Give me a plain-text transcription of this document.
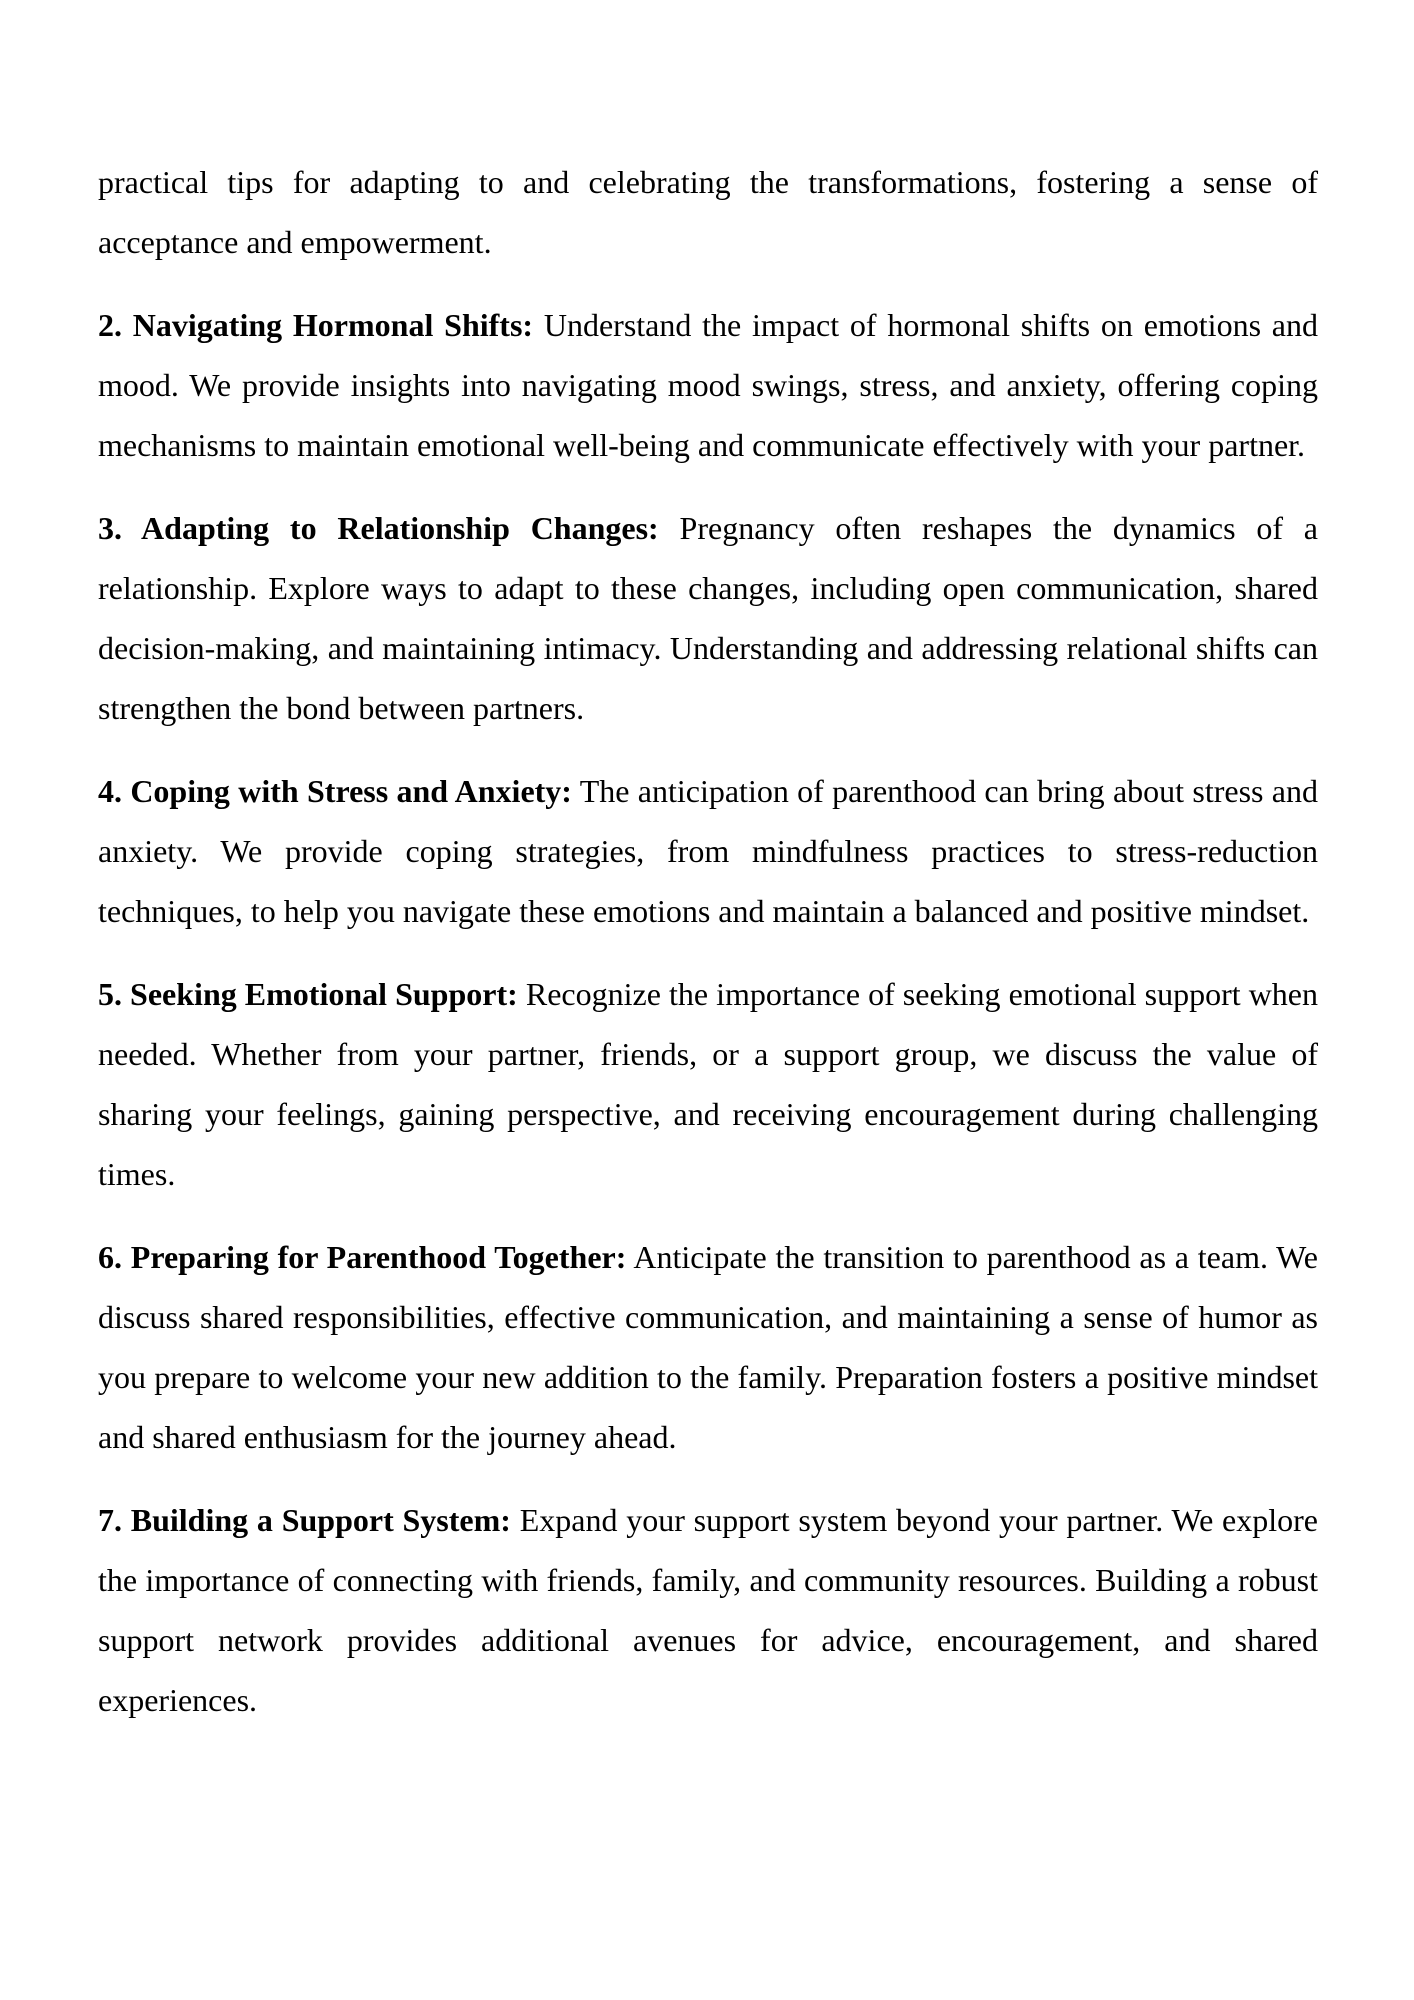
practical tips for adapting to and celebrating the transformations, fostering a sense of acceptance and empowerment.

2. Navigating Hormonal Shifts: Understand the impact of hormonal shifts on emotions and mood. We provide insights into navigating mood swings, stress, and anxiety, offering coping mechanisms to maintain emotional well-being and communicate effectively with your partner.

3. Adapting to Relationship Changes: Pregnancy often reshapes the dynamics of a relationship. Explore ways to adapt to these changes, including open communication, shared decision-making, and maintaining intimacy. Understanding and addressing relational shifts can strengthen the bond between partners.

4. Coping with Stress and Anxiety: The anticipation of parenthood can bring about stress and anxiety. We provide coping strategies, from mindfulness practices to stress-reduction techniques, to help you navigate these emotions and maintain a balanced and positive mindset.

5. Seeking Emotional Support: Recognize the importance of seeking emotional support when needed. Whether from your partner, friends, or a support group, we discuss the value of sharing your feelings, gaining perspective, and receiving encouragement during challenging times.

6. Preparing for Parenthood Together: Anticipate the transition to parenthood as a team. We discuss shared responsibilities, effective communication, and maintaining a sense of humor as you prepare to welcome your new addition to the family. Preparation fosters a positive mindset and shared enthusiasm for the journey ahead.

7. Building a Support System: Expand your support system beyond your partner. We explore the importance of connecting with friends, family, and community resources. Building a robust support network provides additional avenues for advice, encouragement, and shared experiences.
